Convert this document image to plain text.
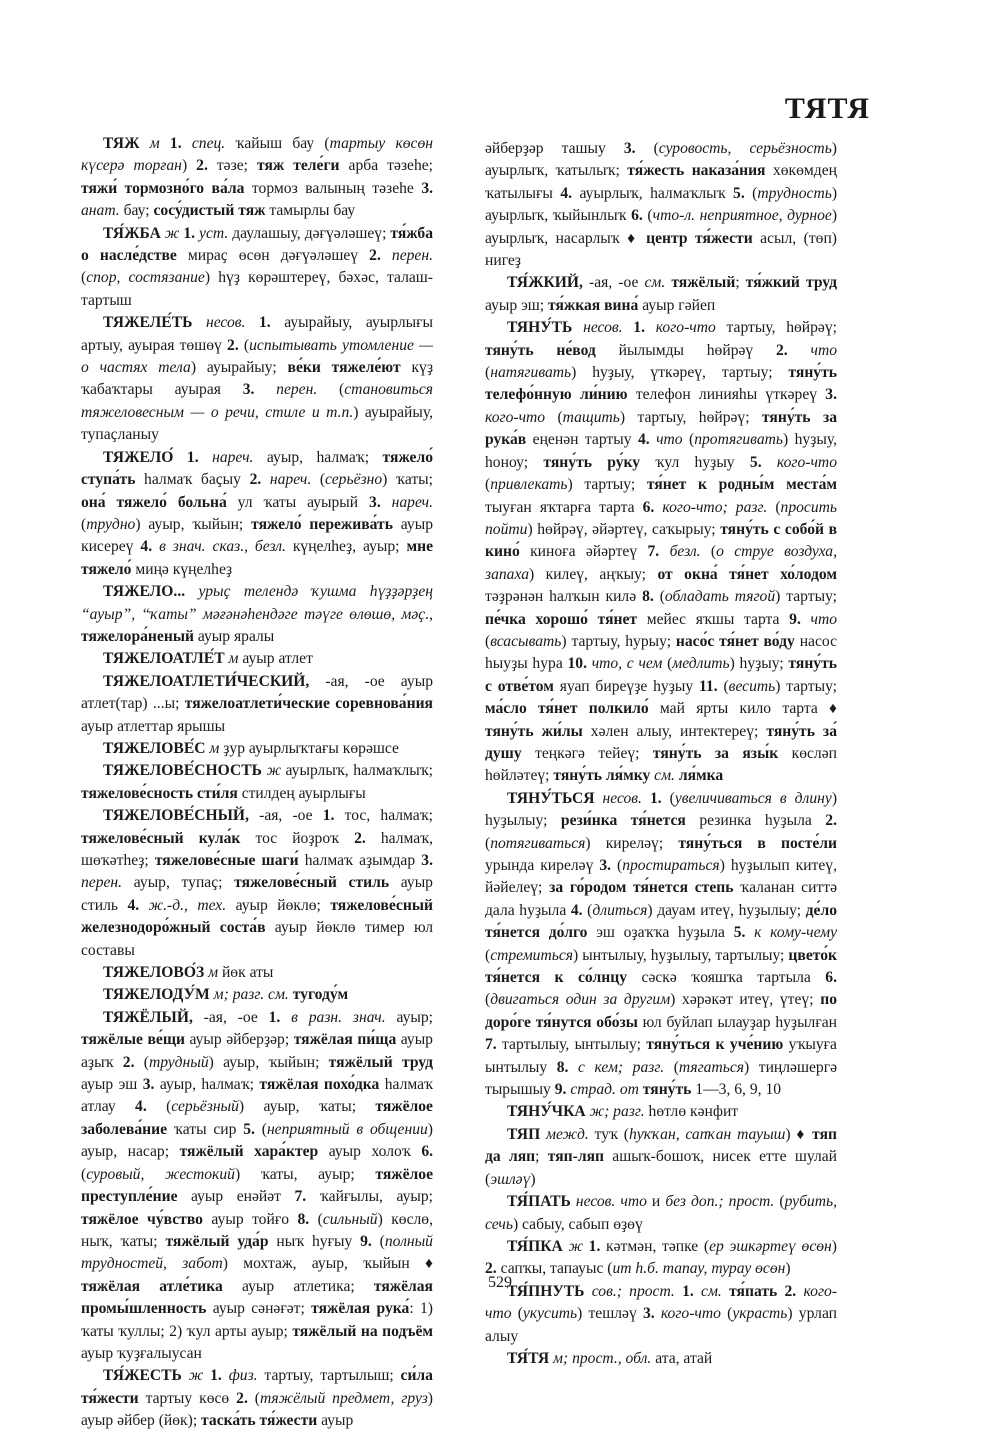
ТЯТЯ

ТЯЖ м 1. спец. ҡайыш бау (тартыу көсөн күсерә торған) 2. тәзе; тяж теле́ги арба тәзеһе; тяжи́ тормозно́го ва́ла тормоз валының тәзеһе 3. анат. бау; сосу́дистый тяж тамырлы бау

ТЯ́ЖБА ж 1. уст. даулашыу, дәғүәләшеү; тя́жба о насле́дстве мираҫ өсөн дәғүәләшеү 2. перен. (спор, состязание) һүҙ көрәштереү, бәхәс, талаш-тартыш

ТЯЖЕЛЕ́ТЬ несов. 1. ауырайыу, ауырлығы артыу, ауырая төшөү 2. (испытывать утомление — о частях тела) ауырайыу; ве́ки тяжеле́ют күҙ ҡабаҡтары ауырая 3. перен. (становиться тяжеловесным — о речи, стиле и т.п.) ауырайыу, тупаҫланыу

ТЯЖЕЛО́ 1. нареч. ауыр, һалмаҡ; тяжело́ ступа́ть һалмаҡ баҫыу 2. нареч. (серьёзно) ҡаты; она́ тяжело́ больна́ ул ҡаты ауырый 3. нареч. (трудно) ауыр, ҡыйын; тяжело́ пережива́ть ауыр кисереү 4. в знач. сказ., безл. күңелһеҙ, ауыр; мне тяжело́ миңә күңелһеҙ

ТЯЖЕЛО... урыҫ телендә ҡушма һүҙҙәрҙең “ауыр”, “ҡаты” мәғәнәһендәге тәүге өлөшө, мәҫ., тяжелора́неный ауыр яралы

ТЯЖЕЛОАТЛЕ́Т м ауыр атлет

ТЯЖЕЛОАТЛЕТИ́ЧЕСКИЙ, -ая, -ое ауыр атлет(тар) ...ы; тяжелоатлети́ческие соревнова́ния ауыр атлеттар ярышы

ТЯЖЕЛОВЕ́С м ҙур ауырлыҡтағы көрәшсе

ТЯЖЕЛОВЕ́СНОСТЬ ж ауырлыҡ, һалмаҡлыҡ; тяжелове́сность сти́ля стилдең ауырлығы

ТЯЖЕЛОВЕ́СНЫЙ, -ая, -ое 1. тос, һалмаҡ; тяжелове́сный кула́к тос йоҙроҡ 2. һалмаҡ, шөҡәтһеҙ; тяжелове́сные шаги́ һалмаҡ аҙымдар 3. перен. ауыр, тупаҫ; тяжелове́сный стиль ауыр стиль 4. ж.-д., тех. ауыр йөклө; тяжелове́сный железнодоро́жный соста́в ауыр йөклө тимер юл составы

ТЯЖЕЛОВО́З м йөк аты

ТЯЖЕЛОДУ́М м; разг. см. тугоду́м

ТЯЖЁЛЫЙ, -ая, -ое 1. в разн. знач. ауыр; тяжёлые ве́щи ауыр әйберҙәр; тяжёлая пи́ща ауыр аҙыҡ 2. (трудный) ауыр, ҡыйын; тяжёлый труд ауыр эш 3. ауыр, һалмаҡ; тяжёлая похо́дка һалмаҡ атлау 4. (серьёзный) ауыр, ҡаты; тяжёлое заболева́ние ҡаты сир 5. (неприятный в общении) ауыр, насар; тяжёлый хара́ктер ауыр холоҡ 6. (суровый, жестокий) ҡаты, ауыр; тяжёлое преступле́ние ауыр енәйәт 7. ҡайғылы, ауыр; тяжёлое чу́вство ауыр тойғо 8. (сильный) көслө, ныҡ, ҡаты; тяжёлый уда́р ныҡ һуғыу 9. (полный трудностей, забот) мохтаж, ауыр, ҡыйын ♦ тяжёлая атле́тика ауыр атлетика; тяжёлая промы́шленность ауыр сәнәғәт; тяжёлая рука́: 1) ҡаты ҡуллы; 2) ҡул арты ауыр; тяжёлый на подъём ауыр ҡуҙғалыусан

ТЯ́ЖЕСТЬ ж 1. физ. тартыу, тартылыш; си́ла тя́жести тартыу көсө 2. (тяжёлый предмет, груз) ауыр әйбер (йөк); таска́ть тя́жести ауыр

әйберҙәр ташыу 3. (суровость, серьёзность) ауырлыҡ, ҡатылыҡ; тя́жесть наказа́ния хөкөмдең ҡатылығы 4. ауырлыҡ, һалмаҡлыҡ 5. (трудность) ауырлыҡ, ҡыйынлыҡ 6. (что-л. неприятное, дурное) ауырлыҡ, насарлыҡ ♦ центр тя́жести асыл, (төп) нигеҙ

ТЯ́ЖКИЙ, -ая, -ое см. тяжёлый; тя́жкий труд ауыр эш; тя́жкая вина́ ауыр гәйеп

ТЯНУ́ТЬ несов. 1. кого-что тартыу, һөйрәү; тяну́ть не́вод йылымды һөйрәү 2. что (натягивать) һуҙыу, үткәреү, тартыу; тяну́ть телефо́нную ли́нию телефон линияһы үткәреү 3. кого-что (тащить) тартыу, һөйрәү; тяну́ть за рука́в еңенән тартыу 4. что (протягивать) һуҙыу, һоноу; тяну́ть ру́ку ҡул һуҙыу 5. кого-что (привлекать) тартыу; тя́нет к родны́м места́м тыуған яҡтарға тарта 6. кого-что; разг. (просить пойти) һөйрәү, әйәртеү, саҡырыу; тяну́ть с собо́й в кино́ киноға әйәртеү 7. безл. (о струе воздуха, запаха) килеү, аңҡыу; от окна́ тя́нет хо́лодом тәҙрәнән һалҡын килә 8. (обладать тягой) тартыу; пе́чка хорошо́ тя́нет мейес яҡшы тарта 9. что (всасывать) тартыу, һурыу; насо́с тя́нет во́ду насос һыуҙы һура 10. что, с чем (медлить) һуҙыу; тяну́ть с отве́том яуап биреүҙе һуҙыу 11. (весить) тартыу; ма́сло тя́нет полкило́ май ярты кило тарта ♦ тяну́ть жи́лы хәлен алыу, интектереү; тяну́ть за́ душу теңкәгә тейеү; тяну́ть за язы́к көсләп һөйләтеү; тяну́ть ля́мку см. ля́мка

ТЯНУ́ТЬСЯ несов. 1. (увеличиваться в длину) һуҙылыу; рези́нка тя́нется резинка һуҙыла 2. (потягиваться) киреләү; тяну́ться в посте́ли урында киреләү 3. (простираться) һуҙылып китеү, йәйелеү; за го́родом тя́нется степь ҡаланан ситтә дала һуҙыла 4. (длиться) дауам итеү, һуҙылыу; де́ло тя́нется до́лго эш оҙаҡҡа һуҙыла 5. к кому-чему (стремиться) ынтылыу, һуҙылыу, тартылыу; цвето́к тя́нется к со́лнцу сәскә ҡояшҡа тартыла 6. (двигаться один за другим) хәрәкәт итеү, үтеү; по доро́ге тя́нутся обо́зы юл буйлап ылауҙар һуҙылған 7. тартылыу, ынтылыу; тяну́ться к уче́нию уҡыуға ынтылыу 8. с кем; разг. (тягаться) тиңләшергә тырышыу 9. страд. от тяну́ть 1—3, 6, 9, 10

ТЯНУ́ЧКА ж; разг. һөтлө кәнфит

ТЯП межд. туҡ (һуҡҡан, сапҡан тауыш) ♦ тяп да ляп; тяп-ляп ашыҡ-бошоҡ, нисек етте шулай (эшләү)

ТЯ́ПАТЬ несов. что и без доп.; прост. (рубить, сечь) сабыу, сабып өҙөү

ТЯ́ПКА ж 1. кәтмән, тәпке (ер эшкәртеү өсөн) 2. сапҡы, тапауыс (ит һ.б. тапау, турау өсөн)

ТЯ́ПНУТЬ сов.; прост. 1. см. тя́пать 2. кого-что (укусить) тешләү 3. кого-что (украсть) урлап алыу

ТЯ́ТЯ м; прост., обл. ата, атай

529
